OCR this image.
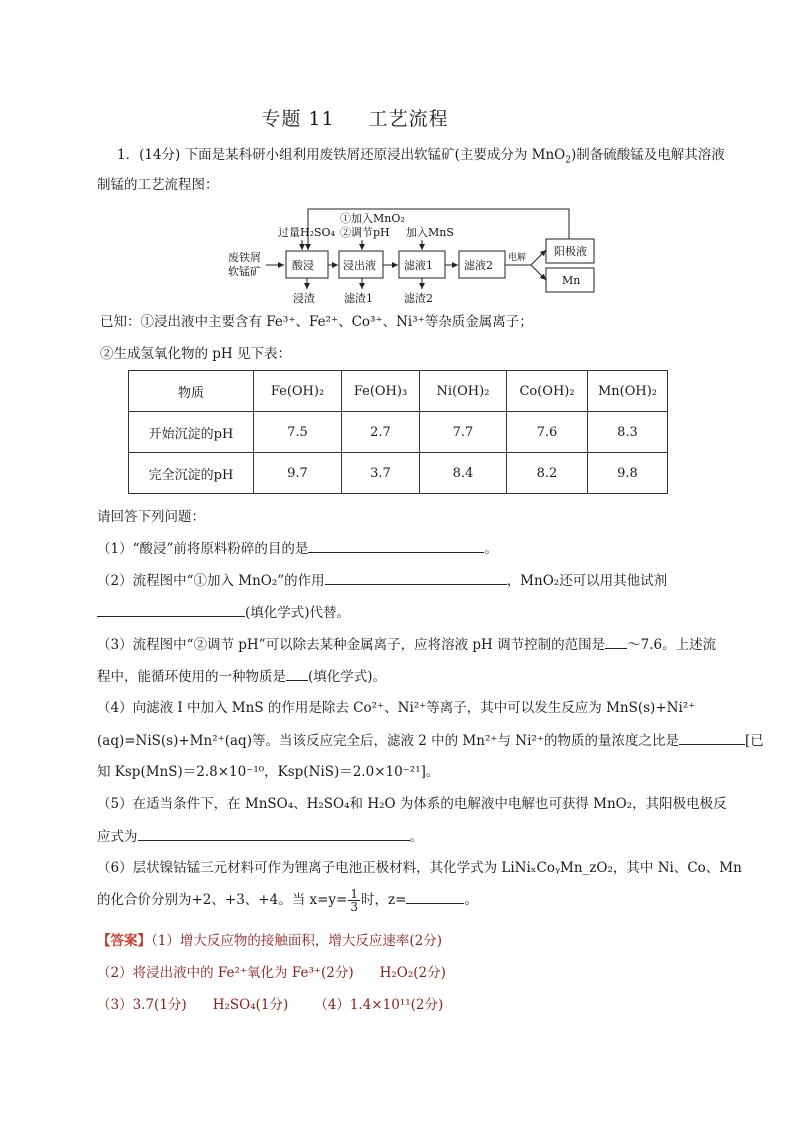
专题 11 工艺流程
1．(14分) 下面是某科研小组利用废铁屑还原浸出软锰矿(主要成分为 MnO$_2$)制备硫酸锰及电解其溶液
制锰的工艺流程图：
废铁屑
软锰矿
过量H₂SO₄
①加入MnO₂
②调节pH 加入MnS
酸浸	浸出液	滤液1	滤液2
电解	阳极液
Mn
浸渣	滤渣1	滤渣2
已知：①浸出液中主要含有 Fe³⁺、Fe²⁺、Co³⁺、Ni³⁺等杂质金属离子；
②生成氢氧化物的 pH 见下表：
物质	Fe(OH)₂	Fe(OH)₃	Ni(OH)₂	Co(OH)₂	Mn(OH)₂
开始沉淀的pH	7.5	2.7	7.7	7.6	8.3
完全沉淀的pH	9.7	3.7	8.4	8.2	9.8
请回答下列问题：
（1）“酸浸”前将原料粉碎的目的是	。
（2）流程图中“①加入 MnO₂”的作用	，MnO₂还可以用其他试剂
(填化学式)代替。
（3）流程图中“②调节 pH”可以除去某种金属离子，应将溶液 pH 调节控制的范围是 ～7.6。上述流
程中，能循环使用的一种物质是 (填化学式)。
（4）向滤液 I 中加入 MnS 的作用是除去 Co²⁺、Ni²⁺等离子，其中可以发生反应为 MnS(s)+Ni²⁺
(aq)=NiS(s)+Mn²⁺(aq)等。当该反应完全后，滤液 2 中的 Mn²⁺与 Ni²⁺的物质的量浓度之比是	[已
知 Ksp(MnS)＝2.8×10⁻¹⁰，Ksp(NiS)＝2.0×10⁻²¹]。
（5）在适当条件下，在 MnSO₄、H₂SO₄和 H₂O 为体系的电解液中电解也可获得 MnO₂，其阳极电极反
应式为	。
（6）层状镍钴锰三元材料可作为锂离子电池正极材料，其化学式为 LiNiₓCoᵧMn_zO₂，其中 Ni、Co、Mn
的化合价分别为+2、+3、+4。当 $x=y= \frac{1}{3}$ 时，z=	。
【答案】（1）增大反应物的接触面积，增大反应速率(2分)
（2）将浸出液中的 Fe²⁺氧化为 Fe³⁺(2分) H₂O₂(2分)
（3）3.7(1分) H₂SO₄(1分) （4）1.4×10¹¹(2分)
